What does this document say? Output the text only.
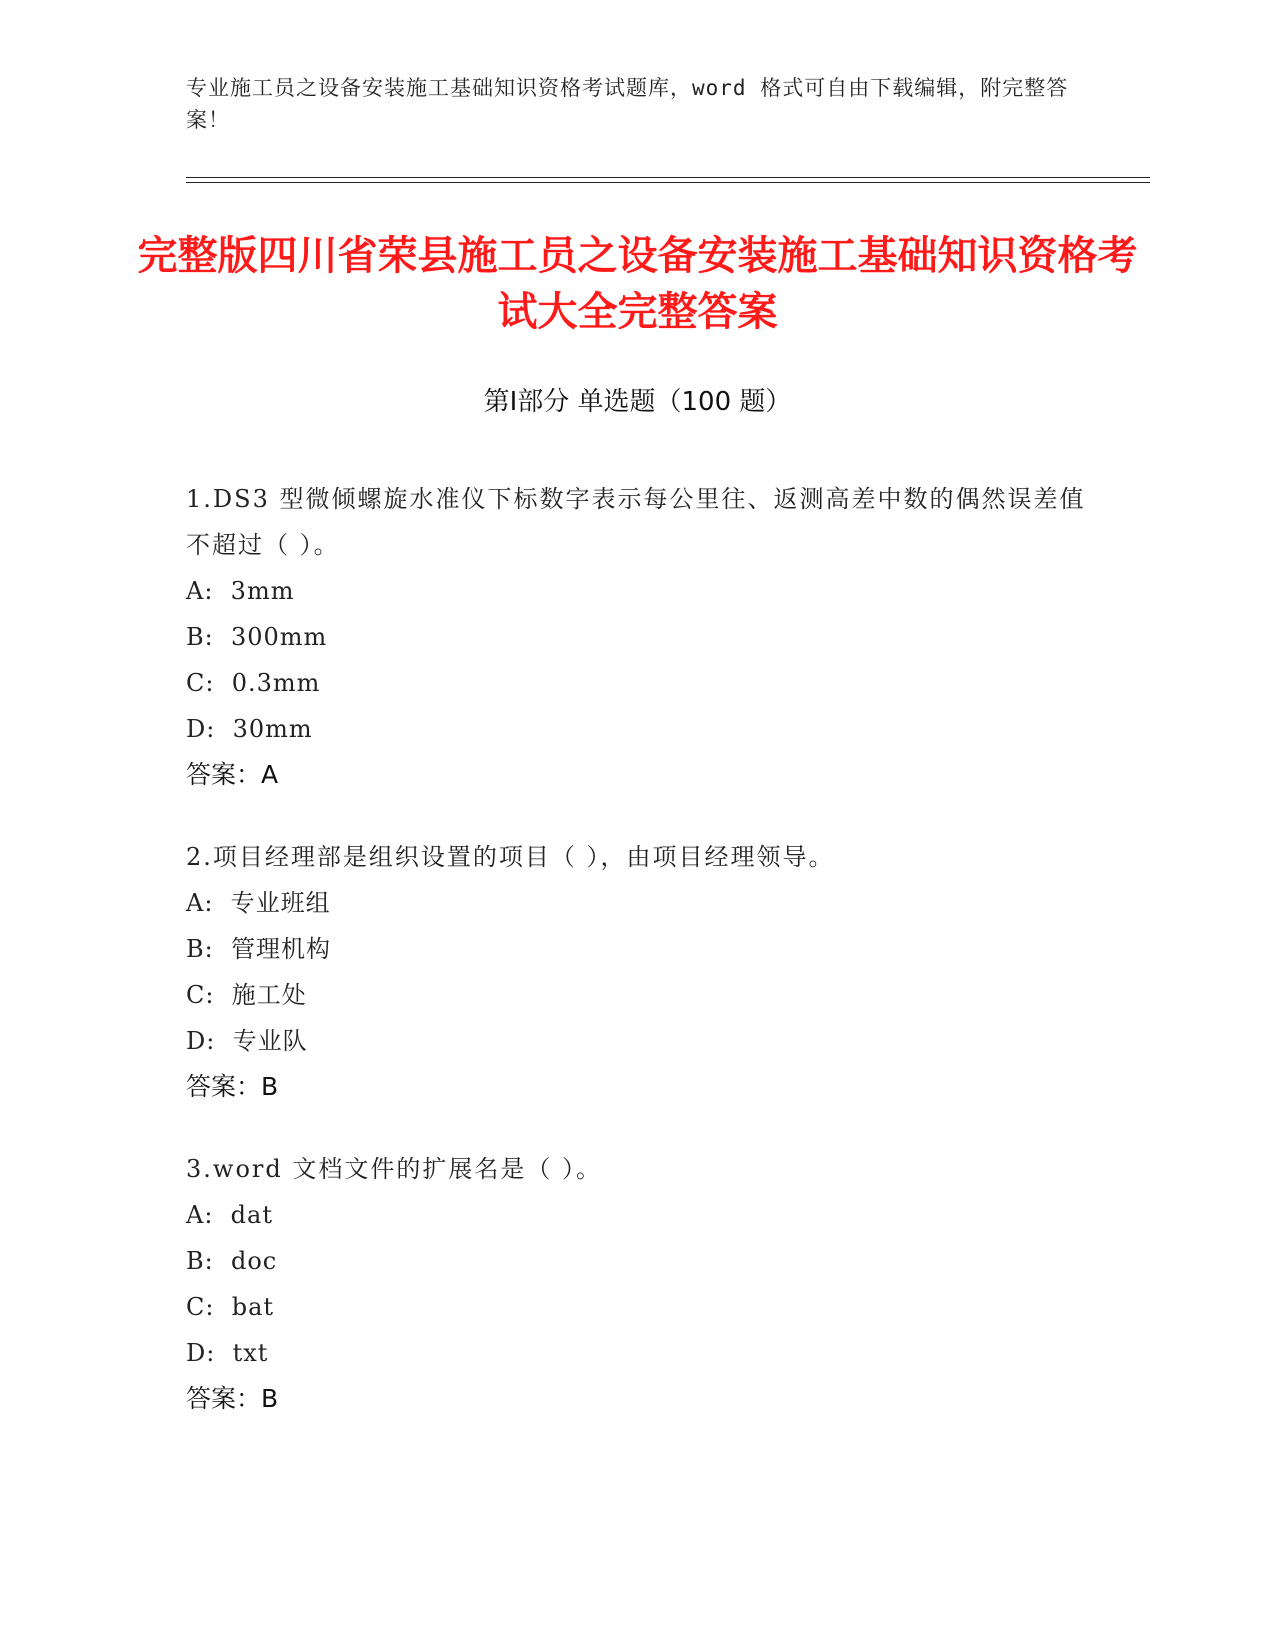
专业施工员之设备安装施工基础知识资格考试题库，word 格式可自由下载编辑，附完整答案！
完整版四川省荣县施工员之设备安装施工基础知识资格考试大全完整答案
第Ⅰ部分 单选题（100 题）
1.DS3 型微倾螺旋水准仪下标数字表示每公里往、返测高差中数的偶然误差值不超过（ ）。
A:  3mm
B:  300mm
C:  0.3mm
D:  30mm
答案：A
2.项目经理部是组织设置的项目（ ），由项目经理领导。
A:  专业班组
B:  管理机构
C:  施工处
D:  专业队
答案：B
3.word 文档文件的扩展名是（ ）。
A:  dat
B:  doc
C:  bat
D:  txt
答案：B
